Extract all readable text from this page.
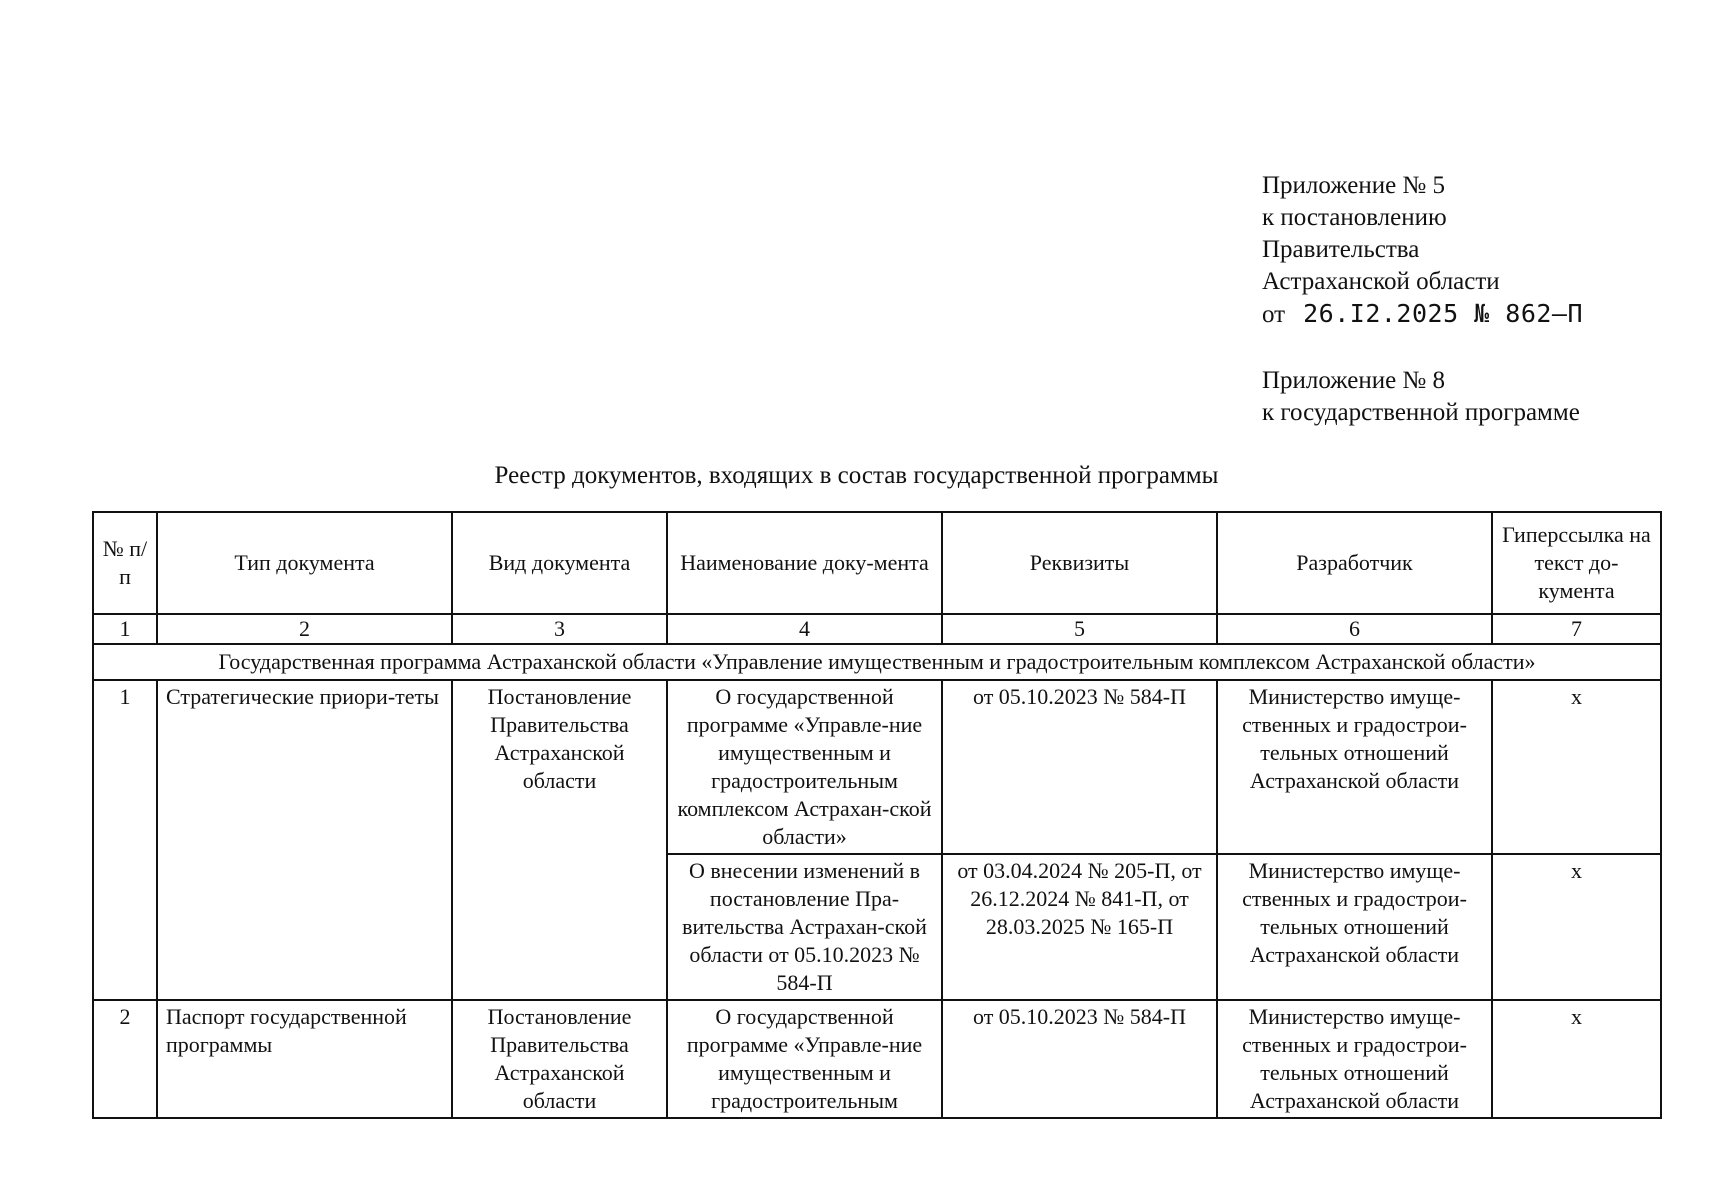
Приложение № 5
к постановлению
Правительства
Астраханской области
от 26.I2.2025 № 862–П
Приложение № 8
к государственной программе
Реестр документов, входящих в состав государственной программы
№ п/п	Тип документа	Вид документа	Наименование доку-мента	Реквизиты	Разработчик	Гиперссылка на текст до-кумента
1	2	3	4	5	6	7
Государственная программа Астраханской области «Управление имущественным и градостроительным комплексом Астраханской области»						
1	Стратегические приори-теты	Постановление Правительства Астраханской области	О государственной программе «Управле-ние имущественным и градостроительным комплексом Астрахан-ской области»	от 05.10.2023 № 584-П	Министерство имуще-ственных и градострои-тельных отношений Астраханской области	х
			О внесении изменений в постановление Пра-вительства Астрахан-ской области от 05.10.2023 № 584-П	от 03.04.2024 № 205-П, от 26.12.2024 № 841-П, от 28.03.2025 № 165-П	Министерство имуще-ственных и градострои-тельных отношений Астраханской области	х
2	Паспорт государственной программы	Постановление Правительства Астраханской области	О государственной программе «Управле-ние имущественным и градостроительным	от 05.10.2023 № 584-П	Министерство имуще-ственных и градострои-тельных отношений Астраханской области	х
